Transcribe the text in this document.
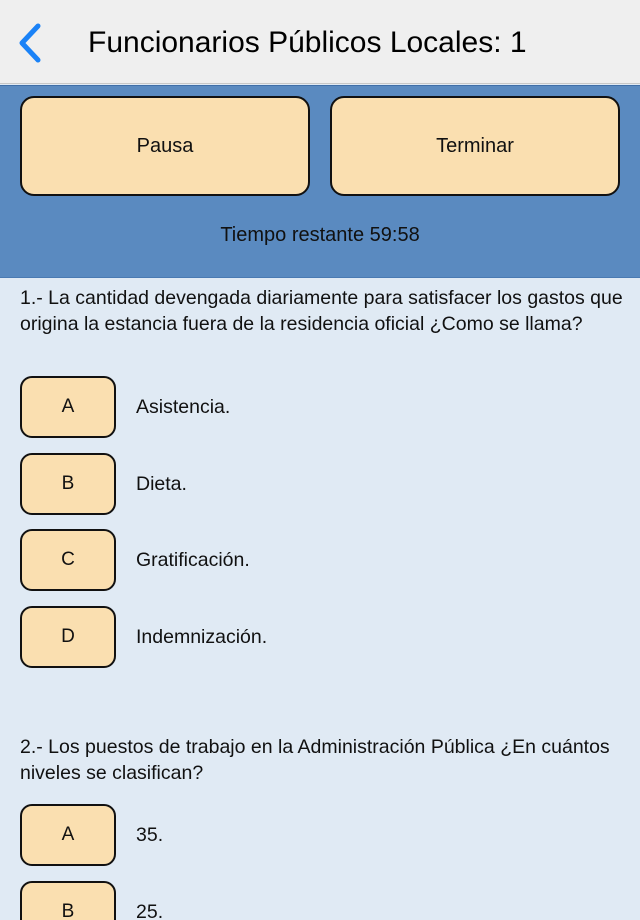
Funcionarios Públicos Locales: 1
Pausa	Terminar
Tiempo restante 59:58
1.- La cantidad devengada diariamente para satisfacer los gastos que origina la estancia fuera de la residencia oficial ¿Como se llama?
A	Asistencia.
B	Dieta.
C	Gratificación.
D	Indemnización.
2.- Los puestos de trabajo en la Administración Pública ¿En cuántos niveles se clasifican?
A	35.
B	25.
